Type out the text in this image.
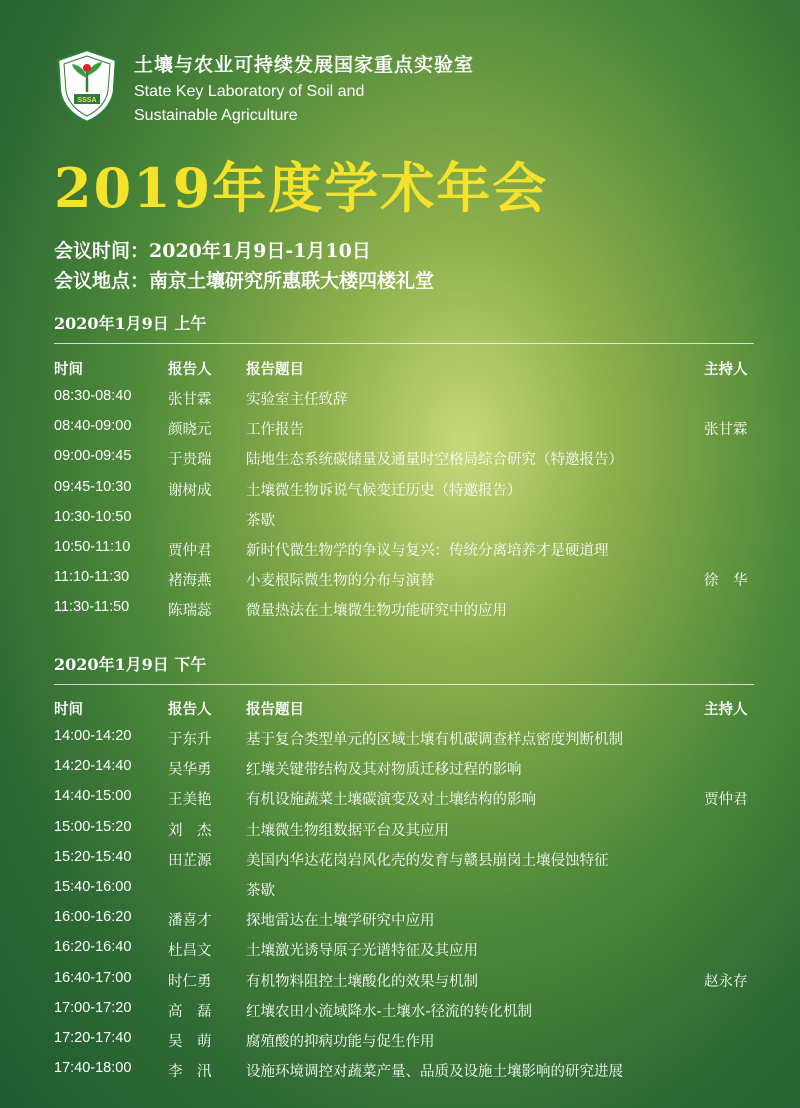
SSSA
土壤与农业可持续发展国家重点实验室
State Key Laboratory of Soil and
Sustainable Agriculture
2019年度学术年会
会议时间：2020年1月9日-1月10日
会议地点：南京土壤研究所惠联大楼四楼礼堂
2020年1月9日 上午
时间	报告人 报告题目	主持人
08:30-08:40	张甘霖 实验室主任致辞
08:40-09:00	颜晓元 工作报告	张甘霖
09:00-09:45	于贵瑞 陆地生态系统碳储量及通量时空格局综合研究（特邀报告）
09:45-10:30	谢树成 土壤微生物诉说气候变迁历史（特邀报告）
10:30-10:50	茶歇
10:50-11:10	贾仲君 新时代微生物学的争议与复兴：传统分离培养才是硬道理
11:10-11:30	褚海燕 小麦根际微生物的分布与演替	徐　华
11:30-11:50	陈瑞蕊 微量热法在土壤微生物功能研究中的应用
2020年1月9日 下午
时间	报告人 报告题目	主持人
14:00-14:20	于东升 基于复合类型单元的区域土壤有机碳调查样点密度判断机制
14:20-14:40	吴华勇 红壤关键带结构及其对物质迁移过程的影响
14:40-15:00	王美艳 有机设施蔬菜土壤碳演变及对土壤结构的影响	贾仲君
15:00-15:20	刘　杰 土壤微生物组数据平台及其应用
15:20-15:40	田芷源 美国内华达花岗岩风化壳的发育与赣县崩岗土壤侵蚀特征
15:40-16:00	茶歇
16:00-16:20	潘喜才 探地雷达在土壤学研究中应用
16:20-16:40	杜昌文 土壤激光诱导原子光谱特征及其应用
16:40-17:00	时仁勇 有机物料阻控土壤酸化的效果与机制	赵永存
17:00-17:20	高　磊 红壤农田小流域降水-土壤水-径流的转化机制
17:20-17:40	吴　萌 腐殖酸的抑病功能与促生作用
17:40-18:00	李　汛 设施环境调控对蔬菜产量、品质及设施土壤影响的研究进展
